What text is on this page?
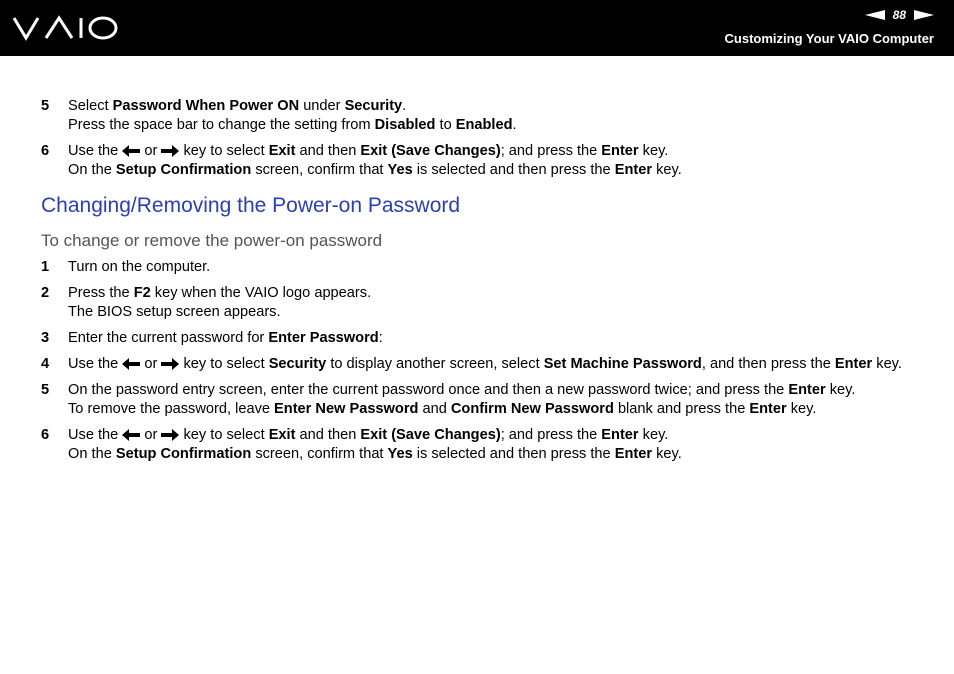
88
Customizing Your VAIO Computer
5 Select Password When Power ON under Security.
Press the space bar to change the setting from Disabled to Enabled.
6 Use the  or  key to select Exit and then Exit (Save Changes); and press the Enter key.
On the Setup Confirmation screen, confirm that Yes is selected and then press the Enter key.
Changing/Removing the Power-on Password
To change or remove the power-on password
1 Turn on the computer.
2 Press the F2 key when the VAIO logo appears.
The BIOS setup screen appears.
3 Enter the current password for Enter Password:
4 Use the  or  key to select Security to display another screen, select Set Machine Password, and then press the Enter key.
5 On the password entry screen, enter the current password once and then a new password twice; and press the Enter key.
To remove the password, leave Enter New Password and Confirm New Password blank and press the Enter key.
6 Use the  or  key to select Exit and then Exit (Save Changes); and press the Enter key.
On the Setup Confirmation screen, confirm that Yes is selected and then press the Enter key.
